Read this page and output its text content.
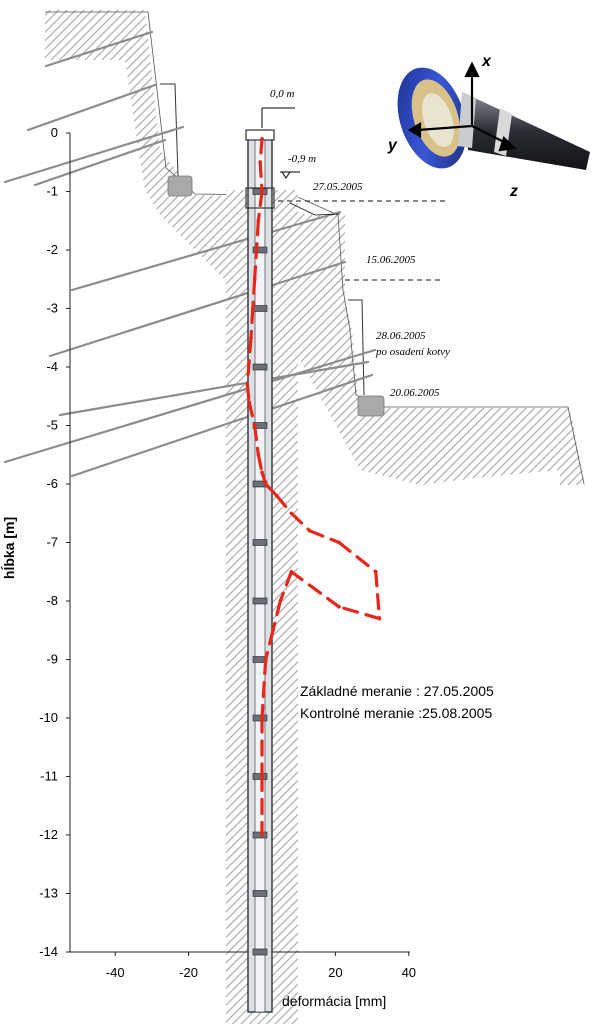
0
-1
-2
-3
-4
-5
-6
-7
-8
-9
-10
-11
-12
-13
-14
-40	-20	20	40
0,0 m
-0,9 m
27.05.2005
15.06.2005
28.06.2005
po osadení kotvy
20.06.2005
Základné meranie : 27.05.2005
Kontrolné meranie :25.08.2005
deformácia [mm]
hĺbka [m]
x
y
z
